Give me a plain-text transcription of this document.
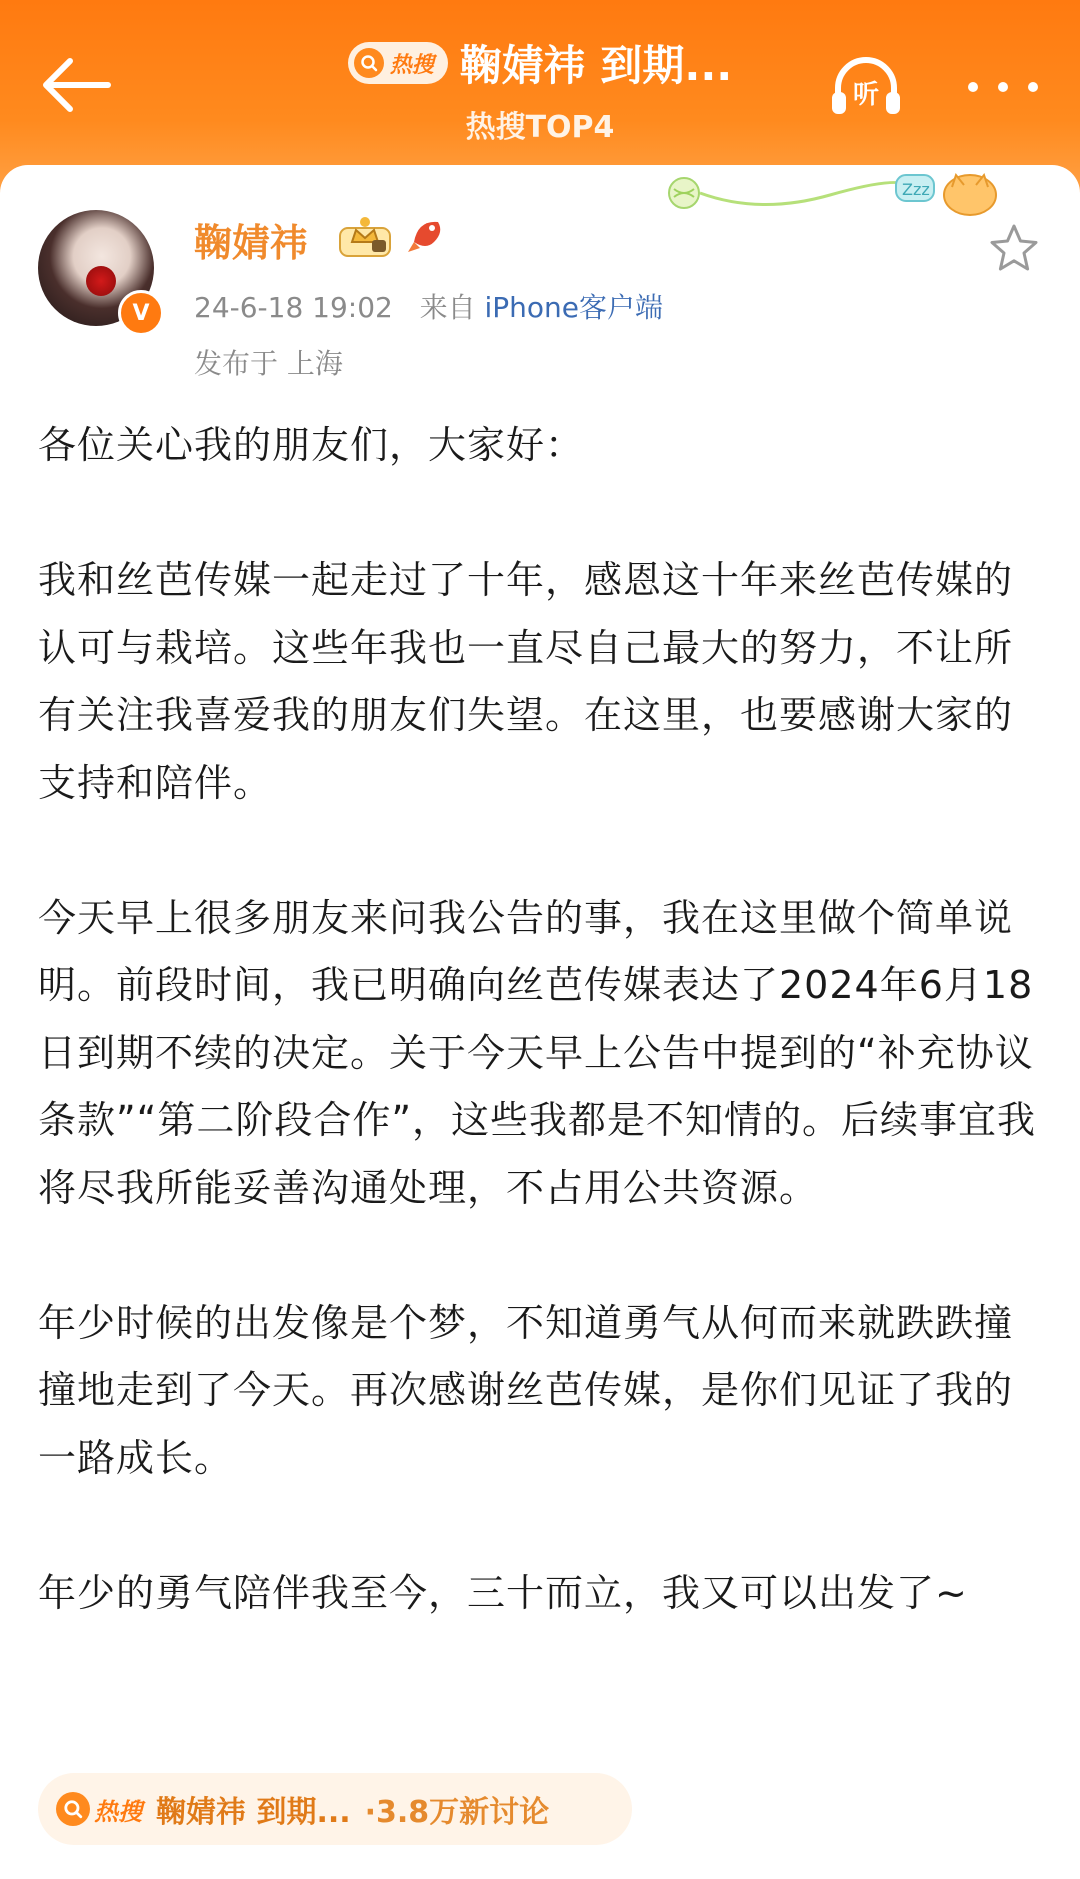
热搜 鞠婧祎 到期...
热搜TOP4
听
Zzz
V
鞠婧祎
24-6-18 19:02 来自 iPhone客户端
发布于 上海

各位关心我的朋友们，大家好：

我和丝芭传媒一起走过了十年，感恩这十年来丝芭传媒的认可与栽培。这些年我也一直尽自己最大的努力，不让所有关注我喜爱我的朋友们失望。在这里，也要感谢大家的支持和陪伴。

今天早上很多朋友来问我公告的事，我在这里做个简单说明。前段时间，我已明确向丝芭传媒表达了2024年6月18日到期不续的决定。关于今天早上公告中提到的“补充协议条款”“第二阶段合作”，这些我都是不知情的。后续事宜我将尽我所能妥善沟通处理，不占用公共资源。

年少时候的出发像是个梦，不知道勇气从何而来就跌跌撞撞地走到了今天。再次感谢丝芭传媒，是你们见证了我的一路成长。

年少的勇气陪伴我至今，三十而立，我又可以出发了~

热搜 鞠婧祎 到期... ·3.8万新讨论
